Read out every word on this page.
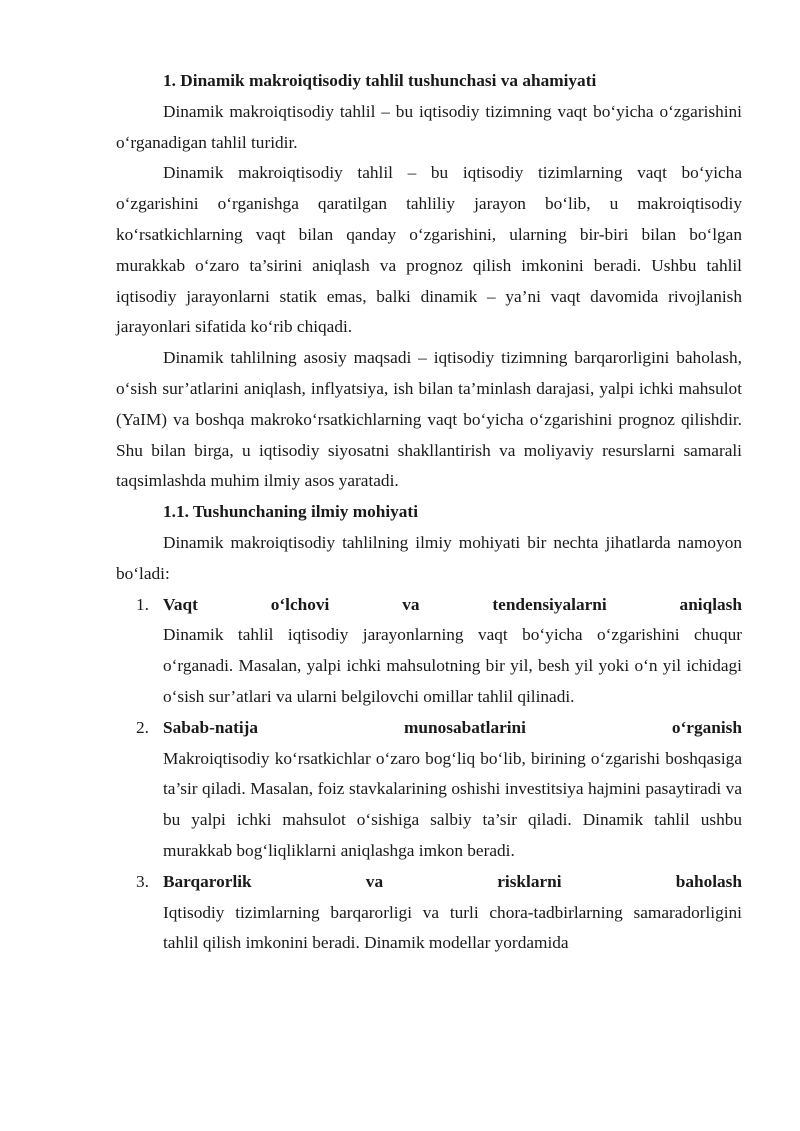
1. Dinamik makroiqtisodiy tahlil tushunchasi va ahamiyati

Dinamik makroiqtisodiy tahlil – bu iqtisodiy tizimning vaqt bo‘yicha o‘zgarishini o‘rganadigan tahlil turidir.

Dinamik makroiqtisodiy tahlil – bu iqtisodiy tizimlarning vaqt bo‘yicha o‘zgarishini o‘rganishga qaratilgan tahliliy jarayon bo‘lib, u makroiqtisodiy ko‘rsatkichlarning vaqt bilan qanday o‘zgarishini, ularning bir-biri bilan bo‘lgan murakkab o‘zaro ta’sirini aniqlash va prognoz qilish imkonini beradi. Ushbu tahlil iqtisodiy jarayonlarni statik emas, balki dinamik – ya’ni vaqt davomida rivojlanish jarayonlari sifatida ko‘rib chiqadi.

Dinamik tahlilning asosiy maqsadi – iqtisodiy tizimning barqarorligini baholash, o‘sish sur’atlarini aniqlash, inflyatsiya, ish bilan ta’minlash darajasi, yalpi ichki mahsulot (YaIM) va boshqa makroko‘rsatkichlarning vaqt bo‘yicha o‘zgarishini prognoz qilishdir. Shu bilan birga, u iqtisodiy siyosatni shakllantirish va moliyaviy resurslarni samarali taqsimlashda muhim ilmiy asos yaratadi.

1.1. Tushunchaning ilmiy mohiyati

Dinamik makroiqtisodiy tahlilning ilmiy mohiyati bir nechta jihatlarda namoyon bo‘ladi:

1. Vaqt o‘lchovi va tendensiyalarni aniqlash

Dinamik tahlil iqtisodiy jarayonlarning vaqt bo‘yicha o‘zgarishini chuqur o‘rganadi. Masalan, yalpi ichki mahsulotning bir yil, besh yil yoki o‘n yil ichidagi o‘sish sur’atlari va ularni belgilovchi omillar tahlil qilinadi.

2. Sabab-natija munosabatlarini o‘rganish

Makroiqtisodiy ko‘rsatkichlar o‘zaro bog‘liq bo‘lib, birining o‘zgarishi boshqasiga ta’sir qiladi. Masalan, foiz stavkalarining oshishi investitsiya hajmini pasaytiradi va bu yalpi ichki mahsulot o‘sishiga salbiy ta’sir qiladi. Dinamik tahlil ushbu murakkab bog‘liqliklarni aniqlashga imkon beradi.

3. Barqarorlik va risklarni baholash

Iqtisodiy tizimlarning barqarorligi va turli chora-tadbirlarning samaradorligini tahlil qilish imkonini beradi. Dinamik modellar yordamida
